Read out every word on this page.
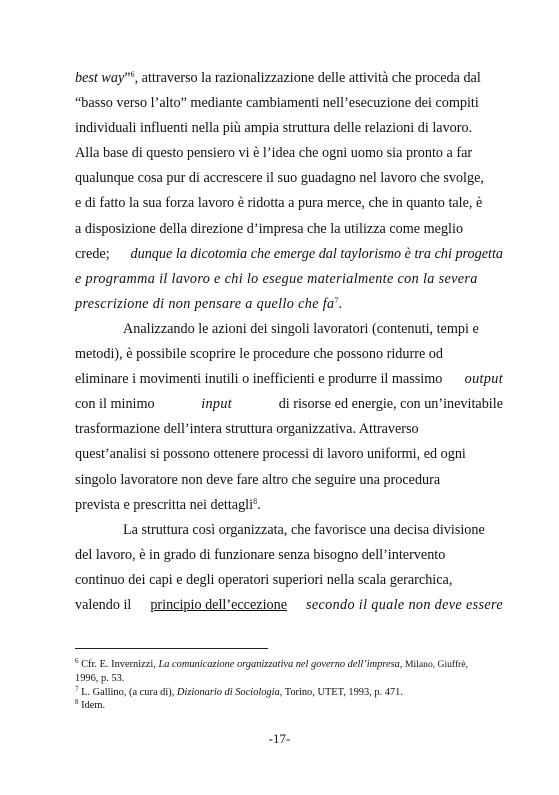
best way”$^6$, attraverso la razionalizzazione delle attività che proceda dal
“basso verso l’alto” mediante cambiamenti nell’esecuzione dei compiti
individuali influenti nella più ampia struttura delle relazioni di lavoro.
Alla base di questo pensiero vi è l’idea che ogni uomo sia pronto a far
qualunque cosa pur di accrescere il suo guadagno nel lavoro che svolge,
e di fatto la sua forza lavoro è ridotta a pura merce, che in quanto tale, è
a disposizione della direzione d’impresa che la utilizza come meglio
crede; dunque la dicotomia che emerge dal taylorismo è tra chi progetta
e programma il lavoro e chi lo esegue materialmente con la severa
prescrizione di non pensare a quello che $fa^7$.
Analizzando le azioni dei singoli lavoratori (contenuti, tempi e
metodi), è possibile scoprire le procedure che possono ridurre od
eliminare i movimenti inutili o inefficienti e produrre il massimo output
con il minimo	input	di risorse ed energie, con un’inevitabile
trasformazione dell’intera struttura organizzativa. Attraverso
quest’analisi si possono ottenere processi di lavoro uniformi, ed ogni
singolo lavoratore non deve fare altro che seguire una procedura
prevista e prescritta nei dettagli$^8$.
La struttura così organizzata, che favorisce una decisa divisione
del lavoro, è in grado di funzionare senza bisogno dell’intervento
continuo dei capi e degli operatori superiori nella scala gerarchica,
valendo il principio dell’eccezione secondo il quale non deve essere
$^6$ Cfr. E. Invernizzi, La comunicazione organizzativa nel governo dell’impresa, Milano, Giuffrè,
1996, p. 53.
$^7$ L. Gallino, (a cura di), Dizionario di Sociologia, Torino, UTET, 1993, p. 471.
$^8$ Idem.
-17-
